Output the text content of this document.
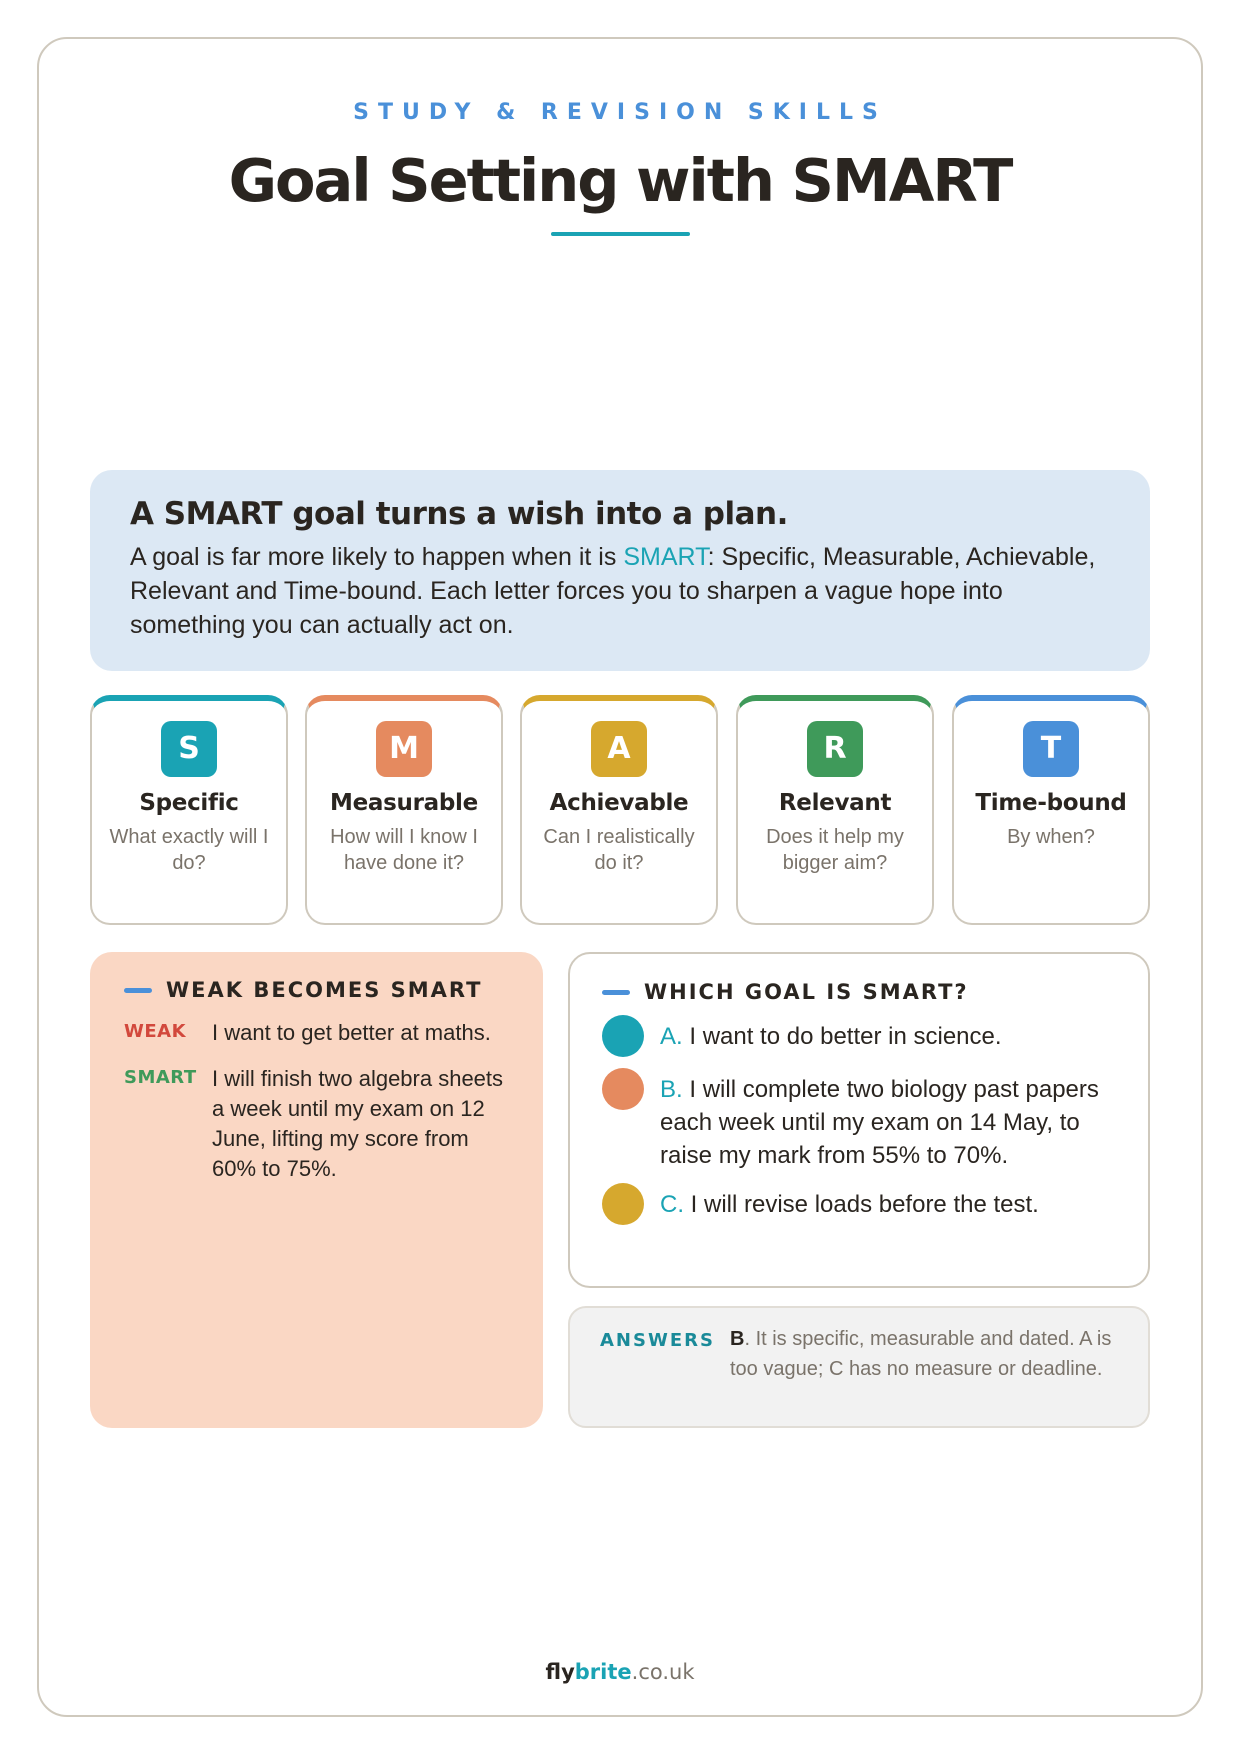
STUDY & REVISION SKILLS
Goal Setting with SMART
A SMART goal turns a wish into a plan.
A goal is far more likely to happen when it is SMART: Specific, Measurable, Achievable, Relevant and Time-bound. Each letter forces you to sharpen a vague hope into something you can actually act on.
S
Specific
What exactly will I do?
M
Measurable
How will I know I have done it?
A
Achievable
Can I realistically do it?
R
Relevant
Does it help my bigger aim?
T
Time-bound
By when?
WEAK BECOMES SMART
WEAK	I want to get better at maths.
SMART I will finish two algebra sheets a week until my exam on 12 June, lifting my score from 60% to 75%.
WHICH GOAL IS SMART?
A. I want to do better in science.
B. I will complete two biology past papers each week until my exam on 14 May, to raise my mark from 55% to 70%.
C. I will revise loads before the test.
ANSWERS B. It is specific, measurable and dated. A is too vague; C has no measure or deadline.
flybrite.co.uk
